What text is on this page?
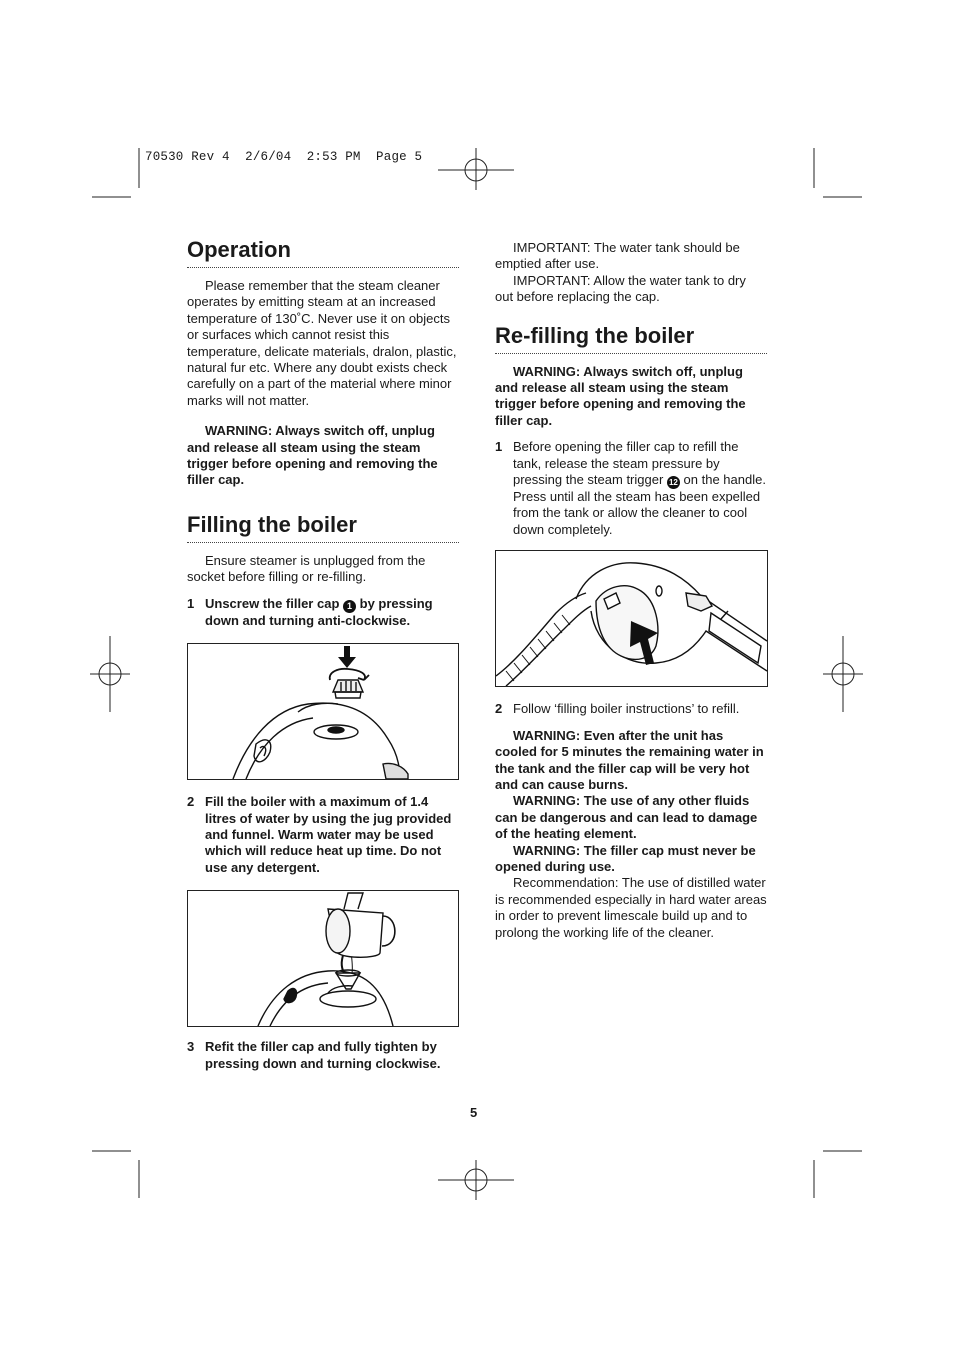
70530 Rev 4  2/6/04  2:53 PM  Page 5
Operation

Please remember that the steam cleaner operates by emitting steam at an increased temperature of 130˚C. Never use it on objects or surfaces which cannot resist this temperature, delicate materials, dralon, plastic, natural fur etc. Where any doubt exists check carefully on a part of the material where minor marks will not matter.

WARNING: Always switch off, unplug and release all steam using the steam trigger before opening and removing the filler cap.

Filling the boiler

Ensure steamer is unplugged from the socket before filling or re-filling.

1 Unscrew the filler cap 1 by pressing down and turning anti-clockwise.
2 Fill the boiler with a maximum of 1.4 litres of water by using the jug provided and funnel. Warm water may be used which will reduce heat up time. Do not use any detergent.
3 Refit the filler cap and fully tighten by pressing down and turning clockwise.

IMPORTANT: The water tank should be emptied after use.

IMPORTANT: Allow the water tank to dry out before replacing the cap.

Re-filling the boiler

WARNING: Always switch off, unplug and release all steam using the steam trigger before opening and removing the filler cap.

1 Before opening the filler cap to refill the tank, release the steam pressure by pressing the steam trigger 12 on the handle. Press until all the steam has been expelled from the tank or allow the cleaner to cool down completely.
2 Follow ‘filling boiler instructions’ to refill.

WARNING: Even after the unit has cooled for 5 minutes the remaining water in the tank and the filler cap will be very hot and can cause burns.

WARNING: The use of any other fluids can be dangerous and can lead to damage of the heating element.

WARNING: The filler cap must never be opened during use.

Recommendation: The use of distilled water is recommended especially in hard water areas in order to prevent limescale build up and to prolong the working life of the cleaner.

5
